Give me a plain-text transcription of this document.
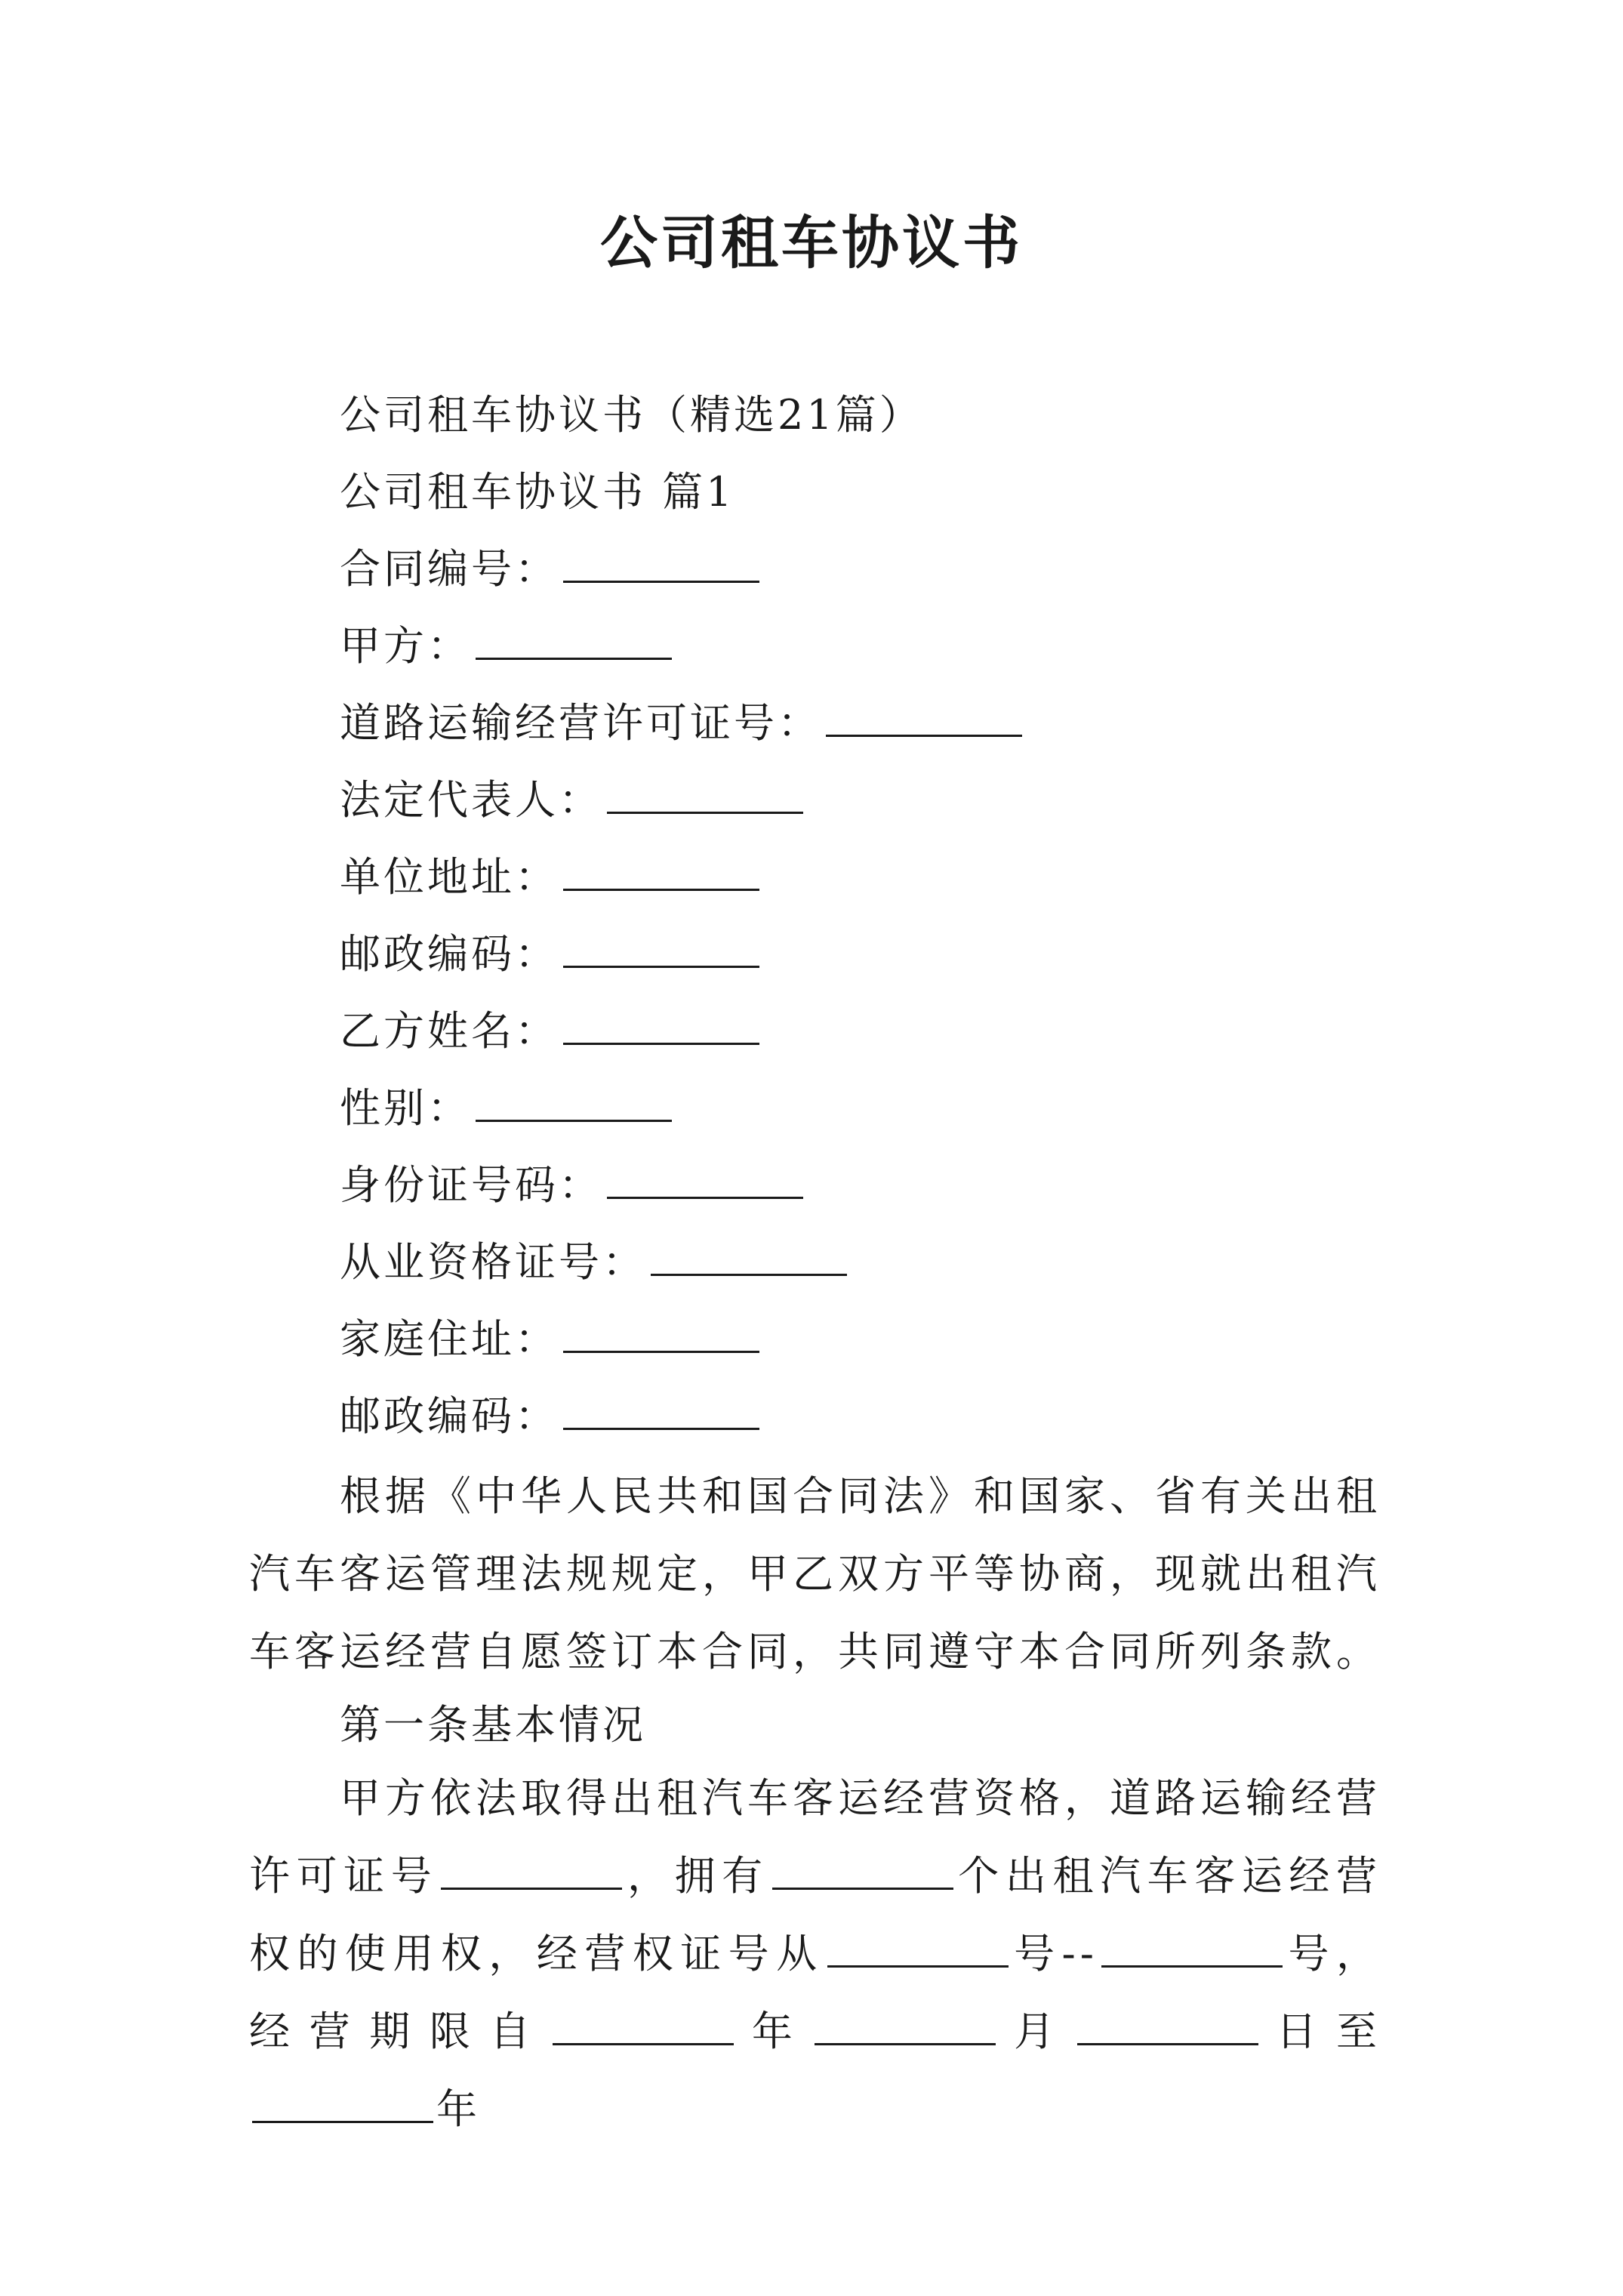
公司租车协议书
公司租车协议书（精选21篇）
公司租车协议书 篇1
合同编号：
甲方：
道路运输经营许可证号：
法定代表人：
单位地址：
邮政编码：
乙方姓名：
性别：
身份证号码：
从业资格证号：
家庭住址：
邮政编码：
根据《中华人民共和国合同法》和国家、省有关出租汽车客运管理法规规定，甲乙双方平等协商，现就出租汽车客运经营自愿签订本合同，共同遵守本合同所列条款。
第一条基本情况
甲方依法取得出租汽车客运经营资格，道路运输经营许可证号	，拥有	个出租汽车客运经营权的使用权，经营权证号从	号--	号，经营期限自	年	月	日至年
